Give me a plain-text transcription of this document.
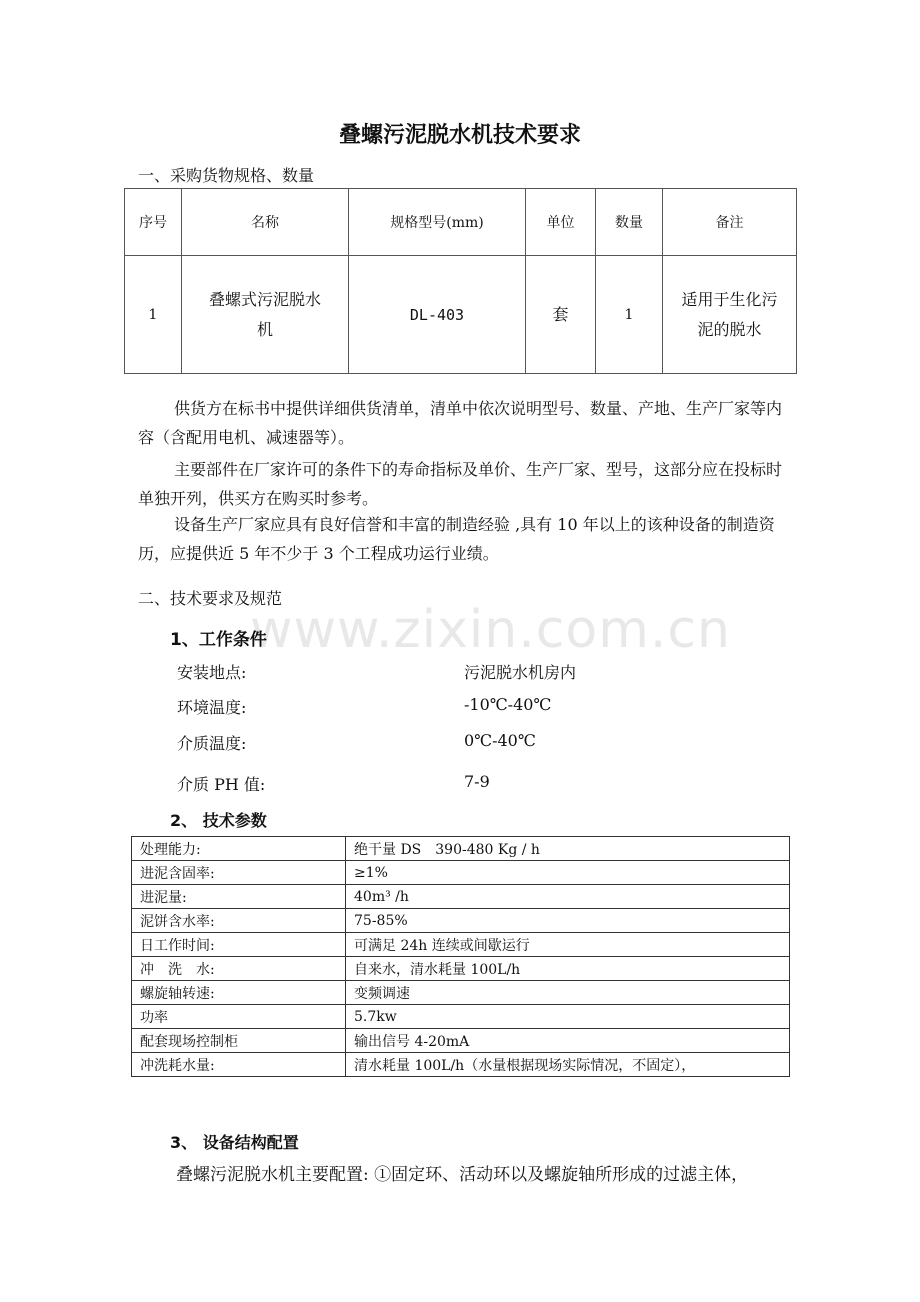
www.zixin.com.cn
叠螺污泥脱水机技术要求
一、采购货物规格、数量
序号	名称	规格型号(mm)	单位	数量	备注
1	叠螺式污泥脱水机	DL-403	套	1	适用于生化污泥的脱水
供货方在标书中提供详细供货清单，清单中依次说明型号、数量、产地、生产厂家等内容（含配用电机、减速器等）。
主要部件在厂家许可的条件下的寿命指标及单价、生产厂家、型号，这部分应在投标时单独开列，供买方在购买时参考。
设备生产厂家应具有良好信誉和丰富的制造经验 ,具有 10 年以上的该种设备的制造资历，应提供近 5 年不少于 3 个工程成功运行业绩。
二、技术要求及规范
1、工作条件
安装地点:	污泥脱水机房内
环境温度:	-10℃-40℃
介质温度:	0℃-40℃
介质 PH 值:	7-9
2、 技术参数
处理能力:	绝干量 DS　390-480 Kg / h
进泥含固率:	≥1%
进泥量:	40m³ /h
泥饼含水率:	75-85%
日工作时间:	可满足 24h 连续或间歇运行
冲　洗　水:	自来水，清水耗量 100L/h
螺旋轴转速:	变频调速
功率	5.7kw
配套现场控制柜	输出信号 4-20mA
冲洗耗水量:	清水耗量 100L/h（水量根据现场实际情况，不固定），
3、 设备结构配置
叠螺污泥脱水机主要配置: ①固定环、活动环以及螺旋轴所形成的过滤主体，
